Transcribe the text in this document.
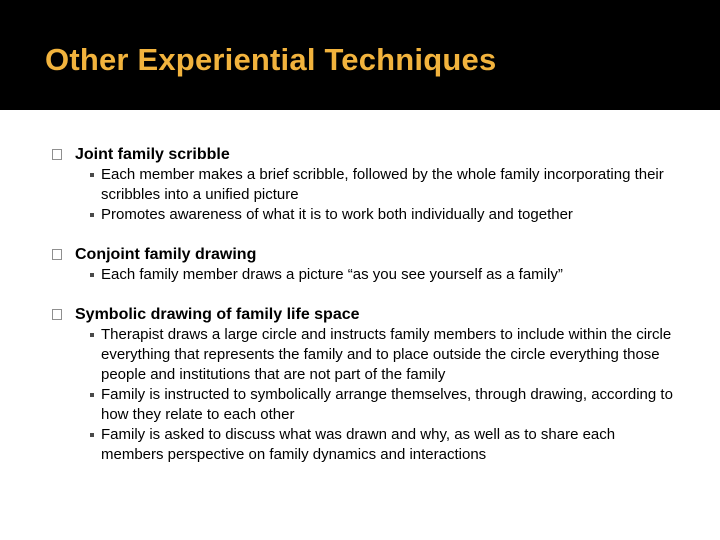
Other Experiential Techniques
Joint family scribble
Each member makes a brief scribble, followed by the whole family incorporating their scribbles into a unified picture
Promotes awareness of what it is to work both individually and together
Conjoint family drawing
Each family member draws a picture “as you see yourself as a family”
Symbolic drawing of family life space
Therapist draws a large circle and instructs family members to include within the circle everything that represents the family and to place outside the circle everything those people and institutions that are not part of the family
Family is instructed to symbolically arrange themselves, through drawing, according to how they relate to each other
Family is asked to discuss what was drawn and why, as well as to share each members perspective on family dynamics and interactions
